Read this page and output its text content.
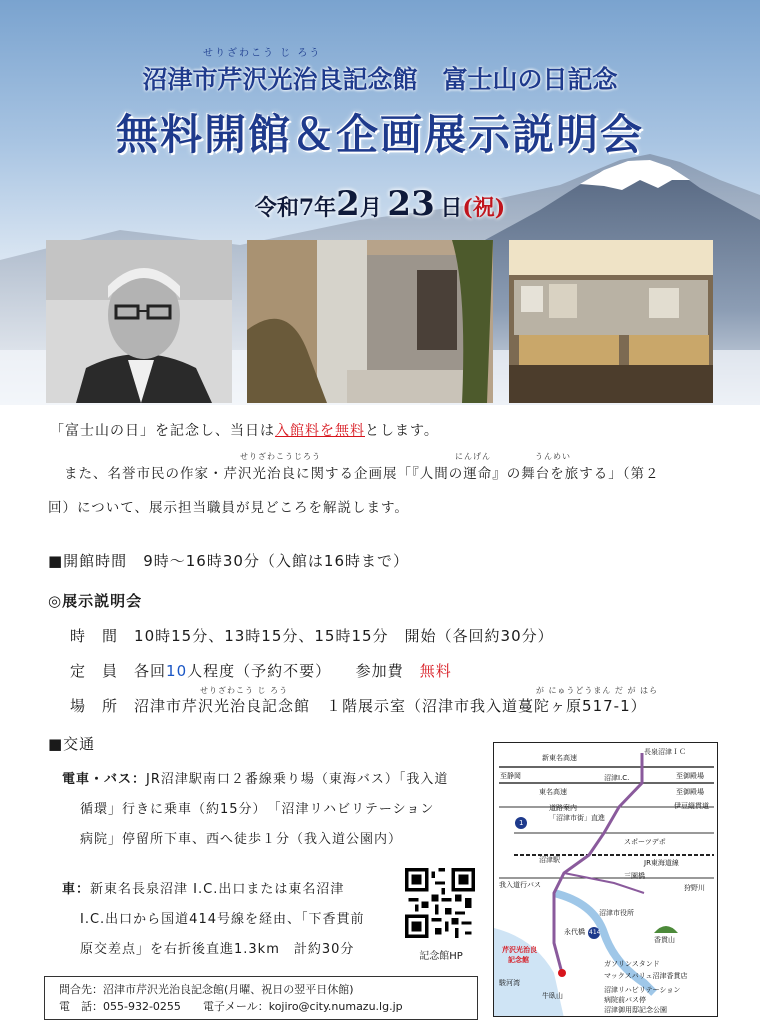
せりざわこう じ ろう
沼津市芹沢光治良記念館　富士山の日記念
無料開館＆企画展示説明会
令和7年2月 23 日(祝)
「富士山の日」を記念し、当日は入館料を無料とします。
せりざわこうじろう	にんげん	うんめい
また、名誉市民の作家・芹沢光治良に関する企画展「『人間の運命』の舞台を旅する」（第２
回）について、展示担当職員が見どころを解説します。
■開館時間　 9時～16時30分（入館は16時まで）
◎展示説明会
時　間　 10時15分、13時15分、15時15分　開始（各回約30分）
定　員　 各回10人程度（予約不要）　　 参加費　 無料
せりざわこう じ ろう	が にゅうどうまん だ が はら
場　所　 沼津市芹沢光治良記念館　１階展示室（沼津市我入道蔓陀ヶ原517-1）
■交通
電車・バス：JR沼津駅南口２番線乗り場（東海バス）「我入道
循環」行きに乗車（約15分）　「沼津リハビリテーション
病院」停留所下車、西へ徒歩１分（我入道公園内）
車：新東名長泉沼津 I.C.出口または東名沼津
I.C.出口から国道414号線を経由、「下香貫前
原交差点」を右折後直進1.3km　計約30分	記念館HP
新東名高速
長泉沼津ＩＣ
至静岡	至御殿場
東名高速
沼津I.C.
至御殿場
伊豆縦貫道
道路案内
「沼津市街」直進
1
スポーツデポ
JR東海道線
沼津駅
三園橋
我入道行バス	狩野川
沼津市役所
永代橋 414
香貫山
芹沢光治良
記念館	ガソリンスタンド
マックスバリュ沼津香貫店
駿河湾
牛臥山
沼津リハビリテーション
病院前バス停
沼津御用邸記念公園
問合先：沼津市芹沢光治良記念館(月曜、祝日の翌平日休館)
電　話：055-932-0255　　 電子メール：kojiro@city.numazu.lg.jp
